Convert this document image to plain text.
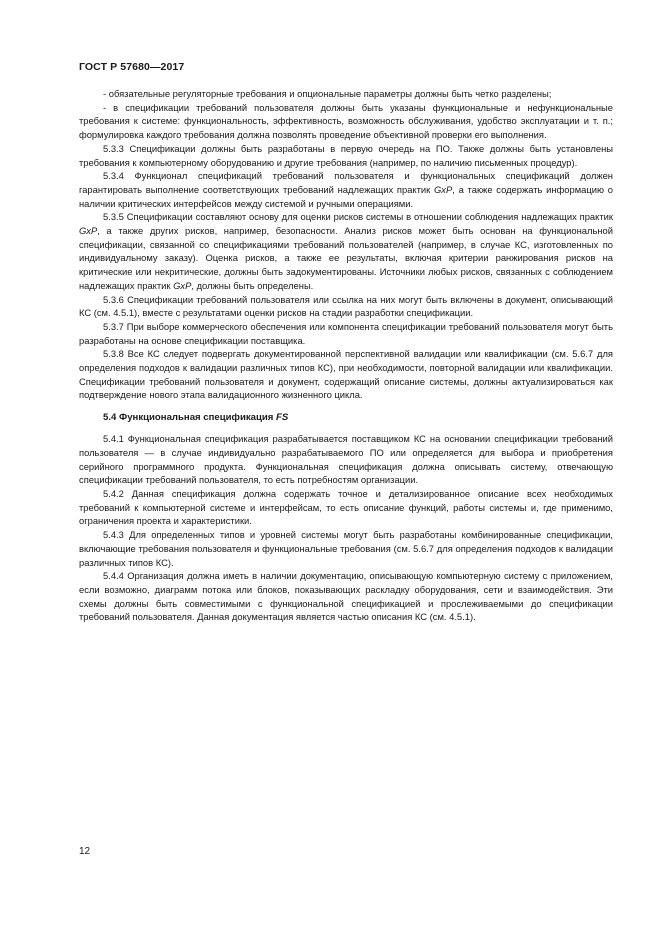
ГОСТ Р 57680—2017

- обязательные регуляторные требования и опциональные параметры должны быть четко разделены;

- в спецификации требований пользователя должны быть указаны функциональные и нефункциональные требования к системе: функциональность, эффективность, возможность обслуживания, удобство эксплуатации и т. п.; формулировка каждого требования должна позволять проведение объективной проверки его выполнения.

5.3.3 Спецификации должны быть разработаны в первую очередь на ПО. Также должны быть установлены требования к компьютерному оборудованию и другие требования (например, по наличию письменных процедур).

5.3.4 Функционал спецификаций требований пользователя и функциональных спецификаций должен гарантировать выполнение соответствующих требований надлежащих практик GxP, а также содержать информацию о наличии критических интерфейсов между системой и ручными операциями.

5.3.5 Спецификации составляют основу для оценки рисков системы в отношении соблюдения надлежащих практик GxP, а также других рисков, например, безопасности. Анализ рисков может быть основан на функциональной спецификации, связанной со спецификациями требований пользователей (например, в случае КС, изготовленных по индивидуальному заказу). Оценка рисков, а также ее результаты, включая критерии ранжирования рисков на критические или некритические, должны быть задокументированы. Источники любых рисков, связанных с соблюдением надлежащих практик GxP, должны быть определены.

5.3.6 Спецификации требований пользователя или ссылка на них могут быть включены в документ, описывающий КС (см. 4.5.1), вместе с результатами оценки рисков на стадии разработки спецификации.

5.3.7 При выборе коммерческого обеспечения или компонента спецификации требований пользователя могут быть разработаны на основе спецификации поставщика.

5.3.8 Все КС следует подвергать документированной перспективной валидации или квалификации (см. 5.6.7 для определения подходов к валидации различных типов КС), при необходимости, повторной валидации или квалификации. Спецификации требований пользователя и документ, содержащий описание системы, должны актуализироваться как подтверждение нового этапа валидационного жизненного цикла.

5.4 Функциональная спецификация FS

5.4.1 Функциональная спецификация разрабатывается поставщиком КС на основании спецификации требований пользователя — в случае индивидуально разрабатываемого ПО или определяется для выбора и приобретения серийного программного продукта. Функциональная спецификация должна описывать систему, отвечающую спецификации требований пользователя, то есть потребностям организации.

5.4.2 Данная спецификация должна содержать точное и детализированное описание всех необходимых требований к компьютерной системе и интерфейсам, то есть описание функций, работы системы и, где применимо, ограничения проекта и характеристики.

5.4.3 Для определенных типов и уровней системы могут быть разработаны комбинированные спецификации, включающие требования пользователя и функциональные требования (см. 5.6.7 для определения подходов к валидации различных типов КС).

5.4.4 Организация должна иметь в наличии документацию, описывающую компьютерную систему с приложением, если возможно, диаграмм потока или блоков, показывающих раскладку оборудования, сети и взаимодействия. Эти схемы должны быть совместимыми с функциональной спецификацией и прослеживаемыми до спецификации требований пользователя. Данная документация является частью описания КС (см. 4.5.1).

12
